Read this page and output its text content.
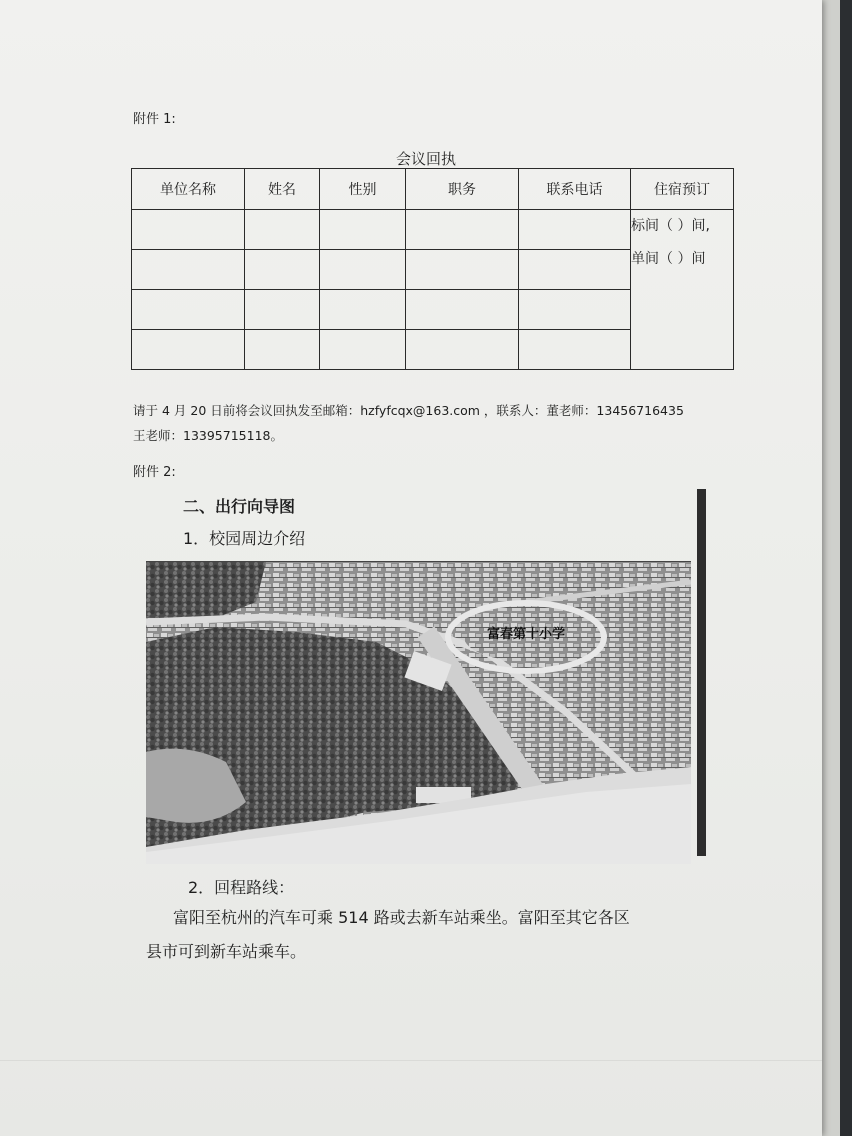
附件 1:
会议回执
单位名称	姓名	性别	职务	联系电话	住宿预订

					标间（ ）间,
单间（ ）间

请于 4 月 20 日前将会议回执发至邮箱：hzfyfcqx@163.com ，联系人：董老师：13456716435
王老师：13395715118。
附件 2:
二、出行向导图
1．校园周边介绍
富春第十小学
2．回程路线：
富阳至杭州的汽车可乘 514 路或去新车站乘坐。富阳至其它各区
县市可到新车站乘车。
